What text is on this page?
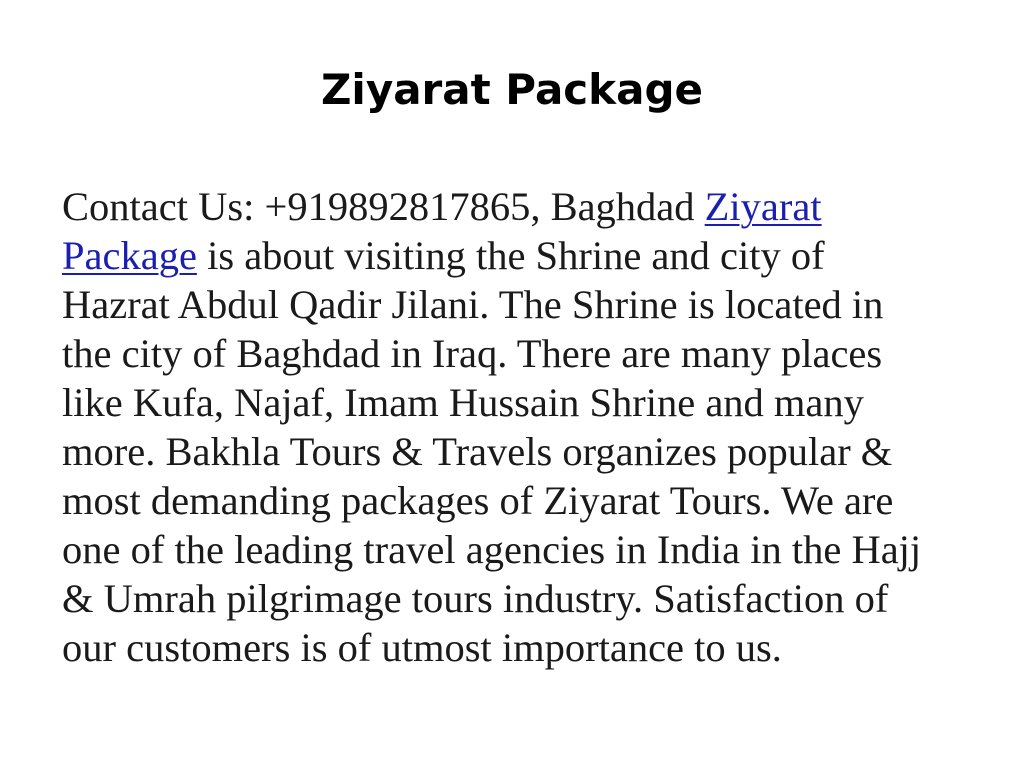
Ziyarat Package
Contact Us: +919892817865, Baghdad Ziyarat
Package is about visiting the Shrine and city of
Hazrat Abdul Qadir Jilani. The Shrine is located in
the city of Baghdad in Iraq. There are many places
like Kufa, Najaf, Imam Hussain Shrine and many
more. Bakhla Tours & Travels organizes popular &
most demanding packages of Ziyarat Tours. We are
one of the leading travel agencies in India in the Hajj
& Umrah pilgrimage tours industry. Satisfaction of
our customers is of utmost importance to us.
